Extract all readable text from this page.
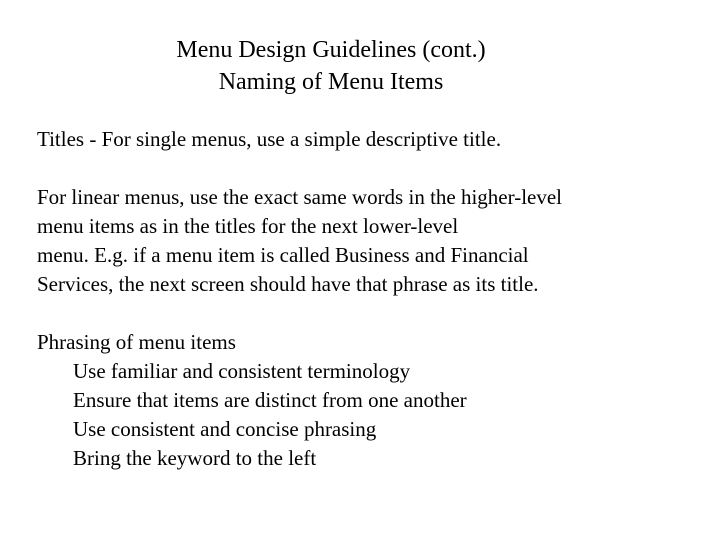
Menu Design Guidelines (cont.)
Naming of Menu Items
Titles - For single menus, use a simple descriptive title.
For linear menus, use the exact same words in the higher-level
menu items as in the titles for the next lower-level
menu. E.g. if a menu item is called Business and Financial
Services, the next screen should have that phrase as its title.
Phrasing of menu items
Use familiar and consistent terminology
Ensure that items are distinct from one another
Use consistent and concise phrasing
Bring the keyword to the left
